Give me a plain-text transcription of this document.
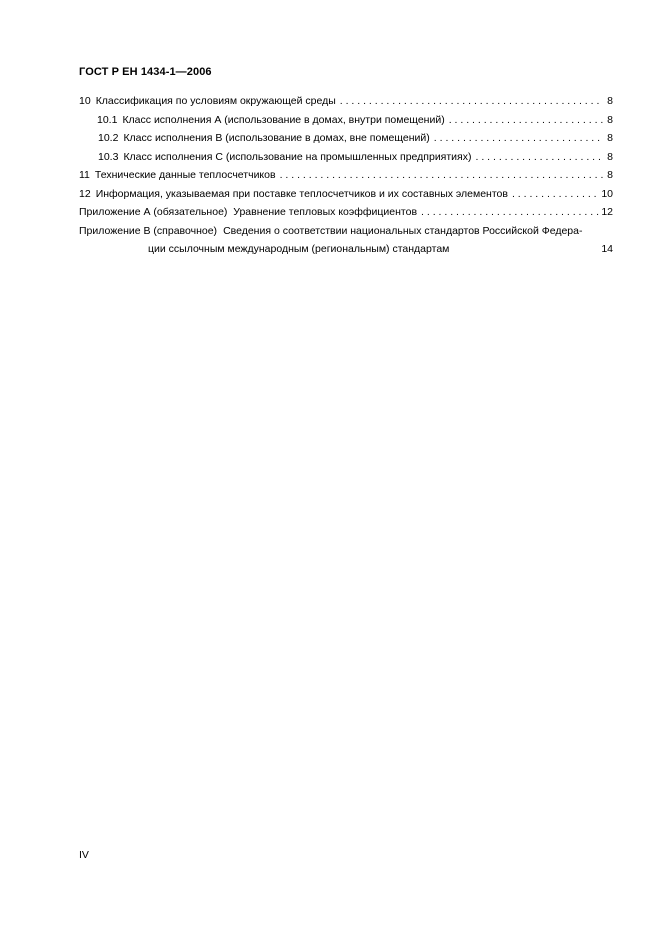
ГОСТ Р ЕН 1434-1—2006
10 Классификация по условиям окружающей среды . . .	8
10.1 Класс исполнения А (использование в домах, внутри помещений) . . .	8
10.2 Класс исполнения В (использование в домах, вне помещений) . . .	8
10.3 Класс исполнения С (использование на промышленных предприятиях) . . .	8
11 Технические данные теплосчетчиков . . .	8
12 Информация, указываемая при поставке теплосчетчиков и их составных элементов . . .	10
Приложение А (обязательное)  Уравнение тепловых коэффициентов . . .	12
Приложение В (справочное) Сведения о соответствии национальных стандартов Российской Федера-
ции ссылочным международным (региональным) стандартам	14
IV
